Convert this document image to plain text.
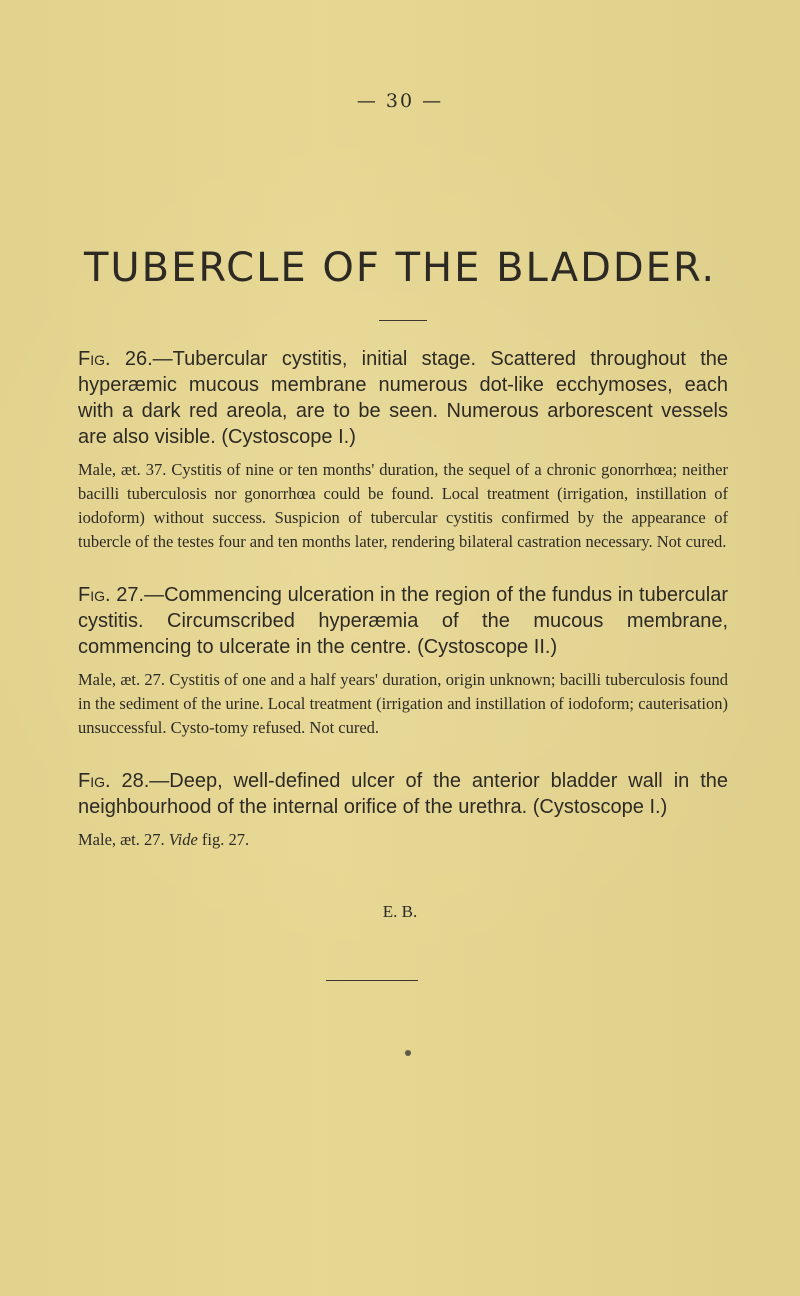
— 30 —
TUBERCLE OF THE BLADDER.

Fig. 26.—Tubercular cystitis, initial stage. Scattered throughout the hyperæmic mucous membrane numerous dot-like ecchymoses, each with a dark red areola, are to be seen. Numerous arborescent vessels are also visible. (Cystoscope I.)

Male, æt. 37. Cystitis of nine or ten months' duration, the sequel of a chronic gonorrhœa; neither bacilli tuberculosis nor gonorrhœa could be found. Local treatment (irrigation, instillation of iodoform) without success. Suspicion of tubercular cystitis confirmed by the appearance of tubercle of the testes four and ten months later, rendering bilateral castration necessary. Not cured.

Fig. 27.—Commencing ulceration in the region of the fundus in tubercular cystitis. Circumscribed hyperæmia of the mucous membrane, commencing to ulcerate in the centre. (Cystoscope II.)

Male, æt. 27. Cystitis of one and a half years' duration, origin unknown; bacilli tuberculosis found in the sediment of the urine. Local treatment (irrigation and instillation of iodoform; cauterisation) unsuccessful. Cysto-tomy refused. Not cured.

Fig. 28.—Deep, well-defined ulcer of the anterior bladder wall in the neighbourhood of the internal orifice of the urethra. (Cystoscope I.)

Male, æt. 27. Vide fig. 27.

E. B.
